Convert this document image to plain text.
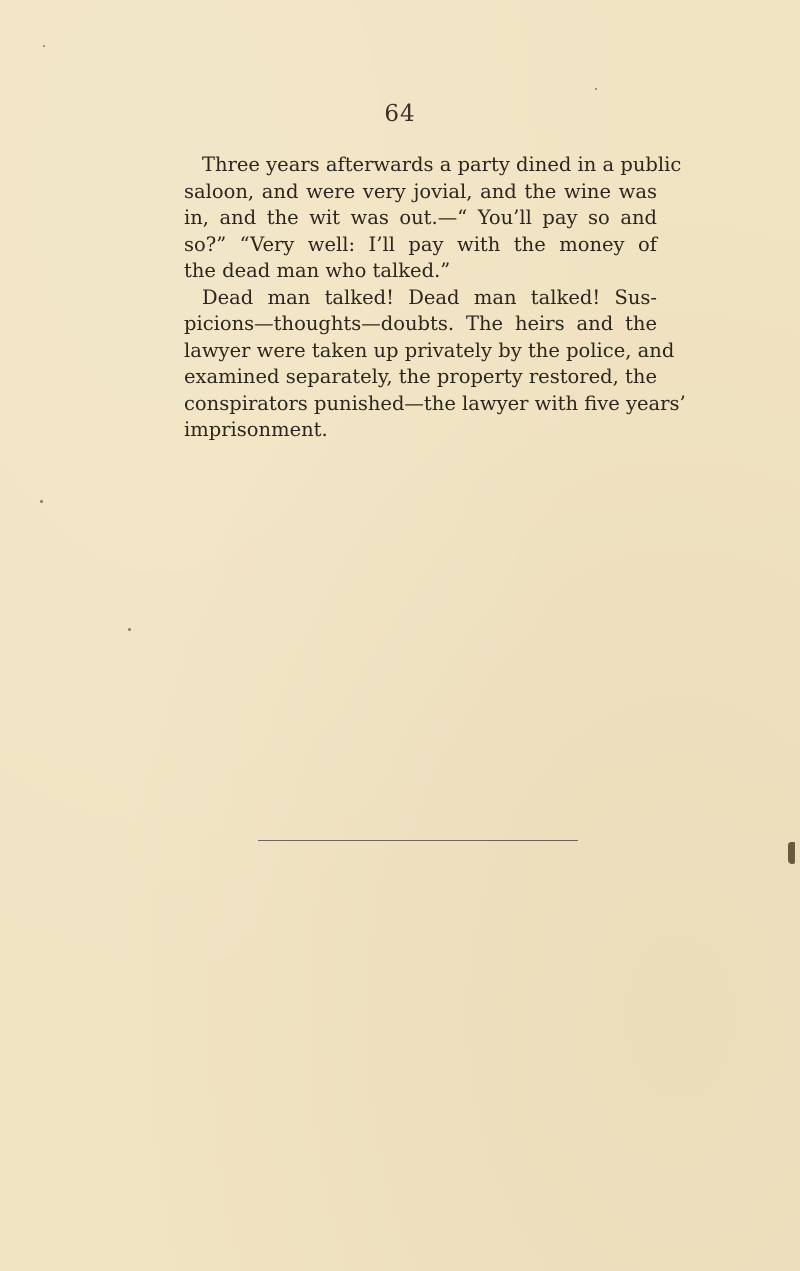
64
Three years afterwards a party dined in a public
saloon, and were very jovial, and the wine was
in, and the wit was out.—“ You’ll pay so and
so?” “Very well: I’ll pay with the money of
the dead man who talked.”
Dead man talked! Dead man talked! Sus-
picions—thoughts—doubts. The heirs and the
lawyer were taken up privately by the police, and
examined separately, the property restored, the
conspirators punished—the lawyer with five years’
imprisonment.
